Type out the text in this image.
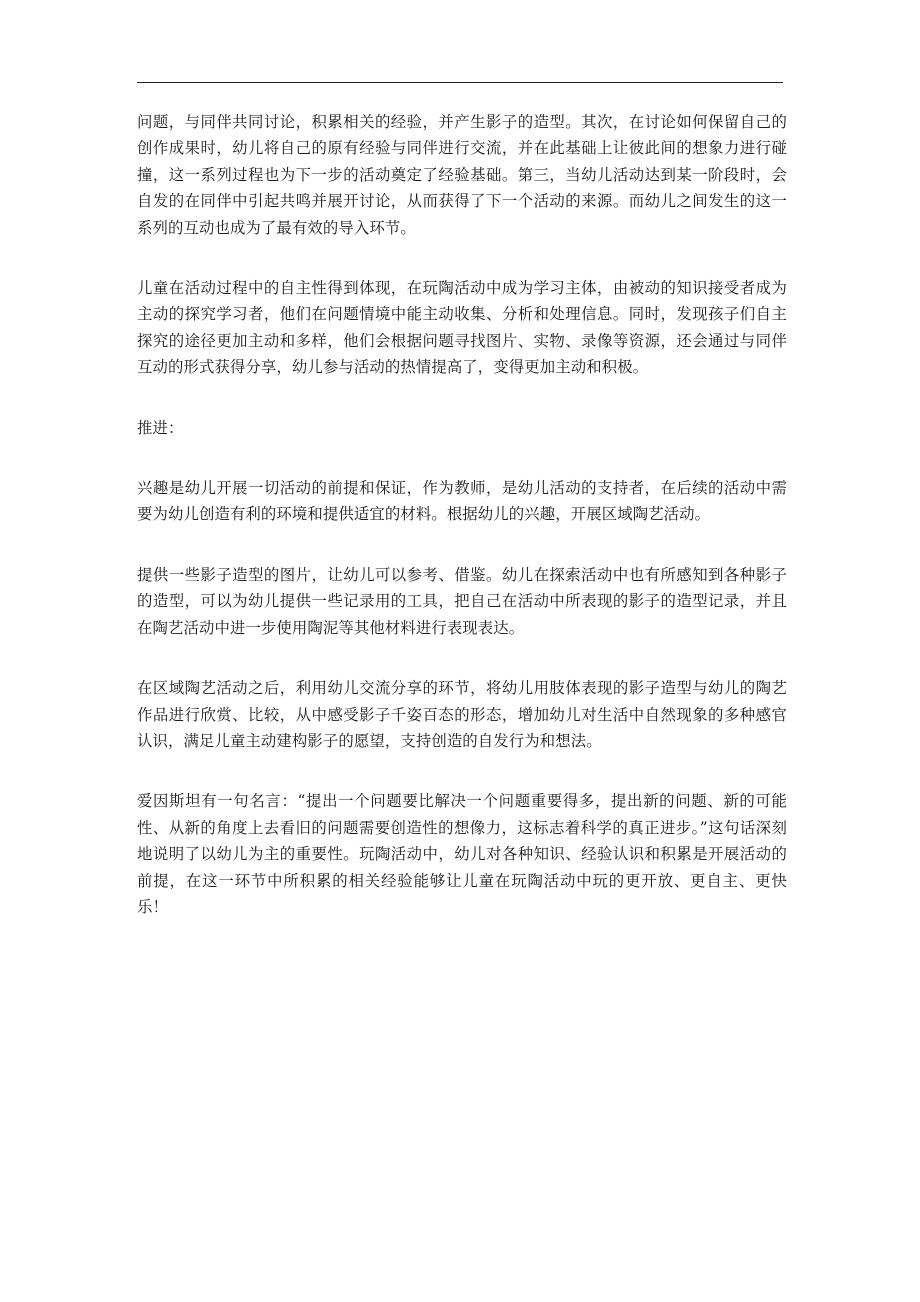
问题，与同伴共同讨论，积累相关的经验，并产生影子的造型。其次，在讨论如何保留自己的创作成果时，幼儿将自己的原有经验与同伴进行交流，并在此基础上让彼此间的想象力进行碰撞，这一系列过程也为下一步的活动奠定了经验基础。第三，当幼儿活动达到某一阶段时，会自发的在同伴中引起共鸣并展开讨论，从而获得了下一个活动的来源。而幼儿之间发生的这一系列的互动也成为了最有效的导入环节。

儿童在活动过程中的自主性得到体现，在玩陶活动中成为学习主体，由被动的知识接受者成为主动的探究学习者，他们在问题情境中能主动收集、分析和处理信息。同时，发现孩子们自主探究的途径更加主动和多样，他们会根据问题寻找图片、实物、录像等资源，还会通过与同伴互动的形式获得分享，幼儿参与活动的热情提高了，变得更加主动和积极。

推进：

兴趣是幼儿开展一切活动的前提和保证，作为教师，是幼儿活动的支持者，在后续的活动中需要为幼儿创造有利的环境和提供适宜的材料。根据幼儿的兴趣，开展区域陶艺活动。

提供一些影子造型的图片，让幼儿可以参考、借鉴。幼儿在探索活动中也有所感知到各种影子的造型，可以为幼儿提供一些记录用的工具，把自己在活动中所表现的影子的造型记录，并且在陶艺活动中进一步使用陶泥等其他材料进行表现表达。

在区域陶艺活动之后，利用幼儿交流分享的环节，将幼儿用肢体表现的影子造型与幼儿的陶艺作品进行欣赏、比较，从中感受影子千姿百态的形态，增加幼儿对生活中自然现象的多种感官认识，满足儿童主动建构影子的愿望，支持创造的自发行为和想法。

爱因斯坦有一句名言：“提出一个问题要比解决一个问题重要得多，提出新的问题、新的可能性、从新的角度上去看旧的问题需要创造性的想像力，这标志着科学的真正进步。”这句话深刻地说明了以幼儿为主的重要性。玩陶活动中，幼儿对各种知识、经验认识和积累是开展活动的前提，在这一环节中所积累的相关经验能够让儿童在玩陶活动中玩的更开放、更自主、更快乐！
